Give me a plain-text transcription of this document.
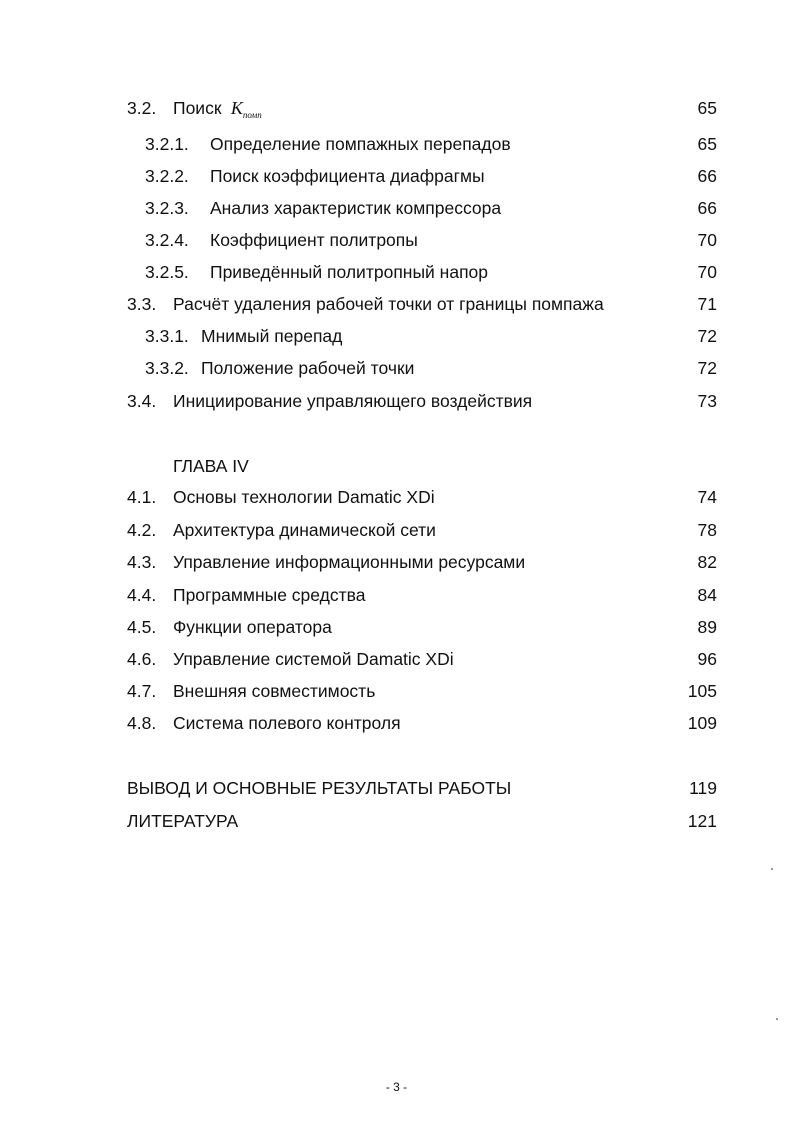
3.2. Поиск $K_{помп}$	65
3.2.1. Определение помпажных перепадов	65
3.2.2. Поиск коэффициента диафрагмы	66
3.2.3. Анализ характеристик компрессора	66
3.2.4. Коэффициент политропы	70
3.2.5. Приведённый политропный напор	70
3.3. Расчёт удаления рабочей точки от границы помпажа	71
3.3.1. Мнимый перепад	72
3.3.2. Положение рабочей точки	72
3.4. Инициирование управляющего воздействия	73
ГЛАВА IV
4.1. Основы технологии Damatic XDi	74
4.2. Архитектура динамической сети	78
4.3. Управление информационными ресурсами	82
4.4. Программные средства	84
4.5. Функции оператора	89
4.6. Управление системой Damatic XDi	96
4.7. Внешняя совместимость	105
4.8. Система полевого контроля	109
ВЫВОД И ОСНОВНЫЕ РЕЗУЛЬТАТЫ РАБОТЫ	119
ЛИТЕРАТУРА	121
- 3 -
